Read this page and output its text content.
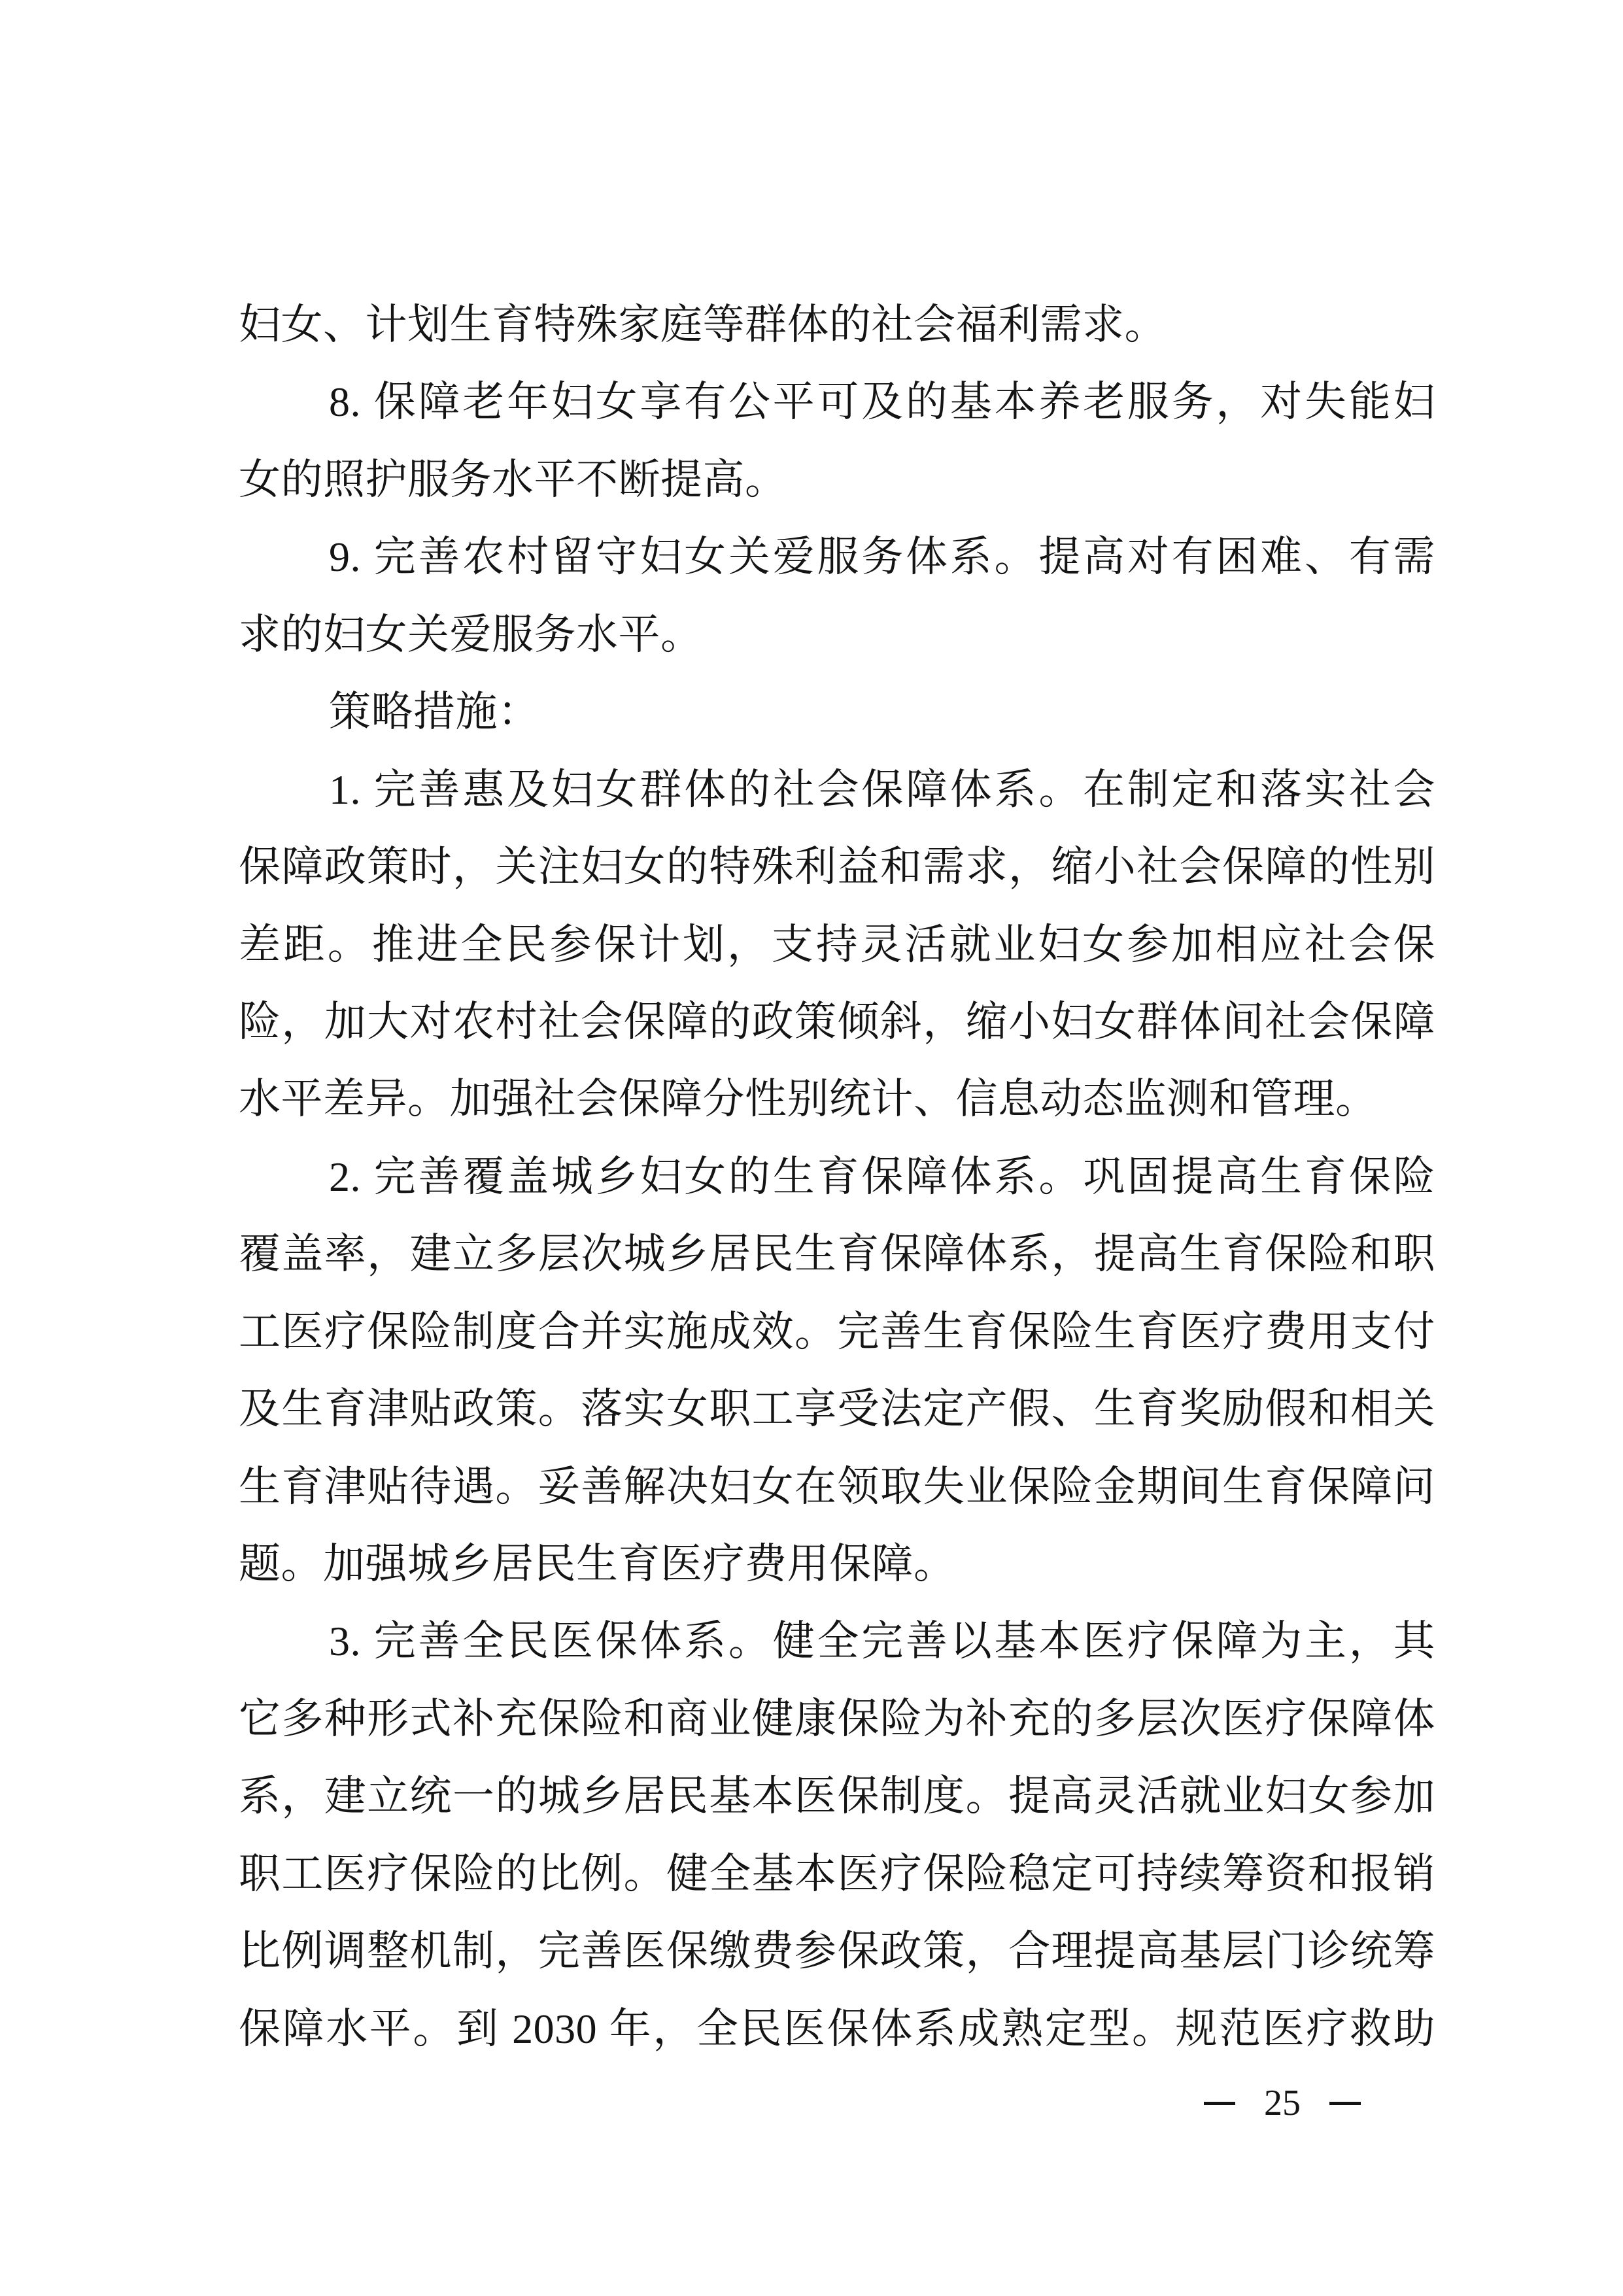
妇女、计划生育特殊家庭等群体的社会福利需求。
8. 保障老年妇女享有公平可及的基本养老服务，对失能妇
女的照护服务水平不断提高。
9. 完善农村留守妇女关爱服务体系。提高对有困难、有需
求的妇女关爱服务水平。
策略措施：
1. 完善惠及妇女群体的社会保障体系。在制定和落实社会
保障政策时，关注妇女的特殊利益和需求，缩小社会保障的性别
差距。推进全民参保计划，支持灵活就业妇女参加相应社会保
险，加大对农村社会保障的政策倾斜，缩小妇女群体间社会保障
水平差异。加强社会保障分性别统计、信息动态监测和管理。
2. 完善覆盖城乡妇女的生育保障体系。巩固提高生育保险
覆盖率，建立多层次城乡居民生育保障体系，提高生育保险和职
工医疗保险制度合并实施成效。完善生育保险生育医疗费用支付
及生育津贴政策。落实女职工享受法定产假、生育奖励假和相关
生育津贴待遇。妥善解决妇女在领取失业保险金期间生育保障问
题。加强城乡居民生育医疗费用保障。
3. 完善全民医保体系。健全完善以基本医疗保障为主，其
它多种形式补充保险和商业健康保险为补充的多层次医疗保障体
系，建立统一的城乡居民基本医保制度。提高灵活就业妇女参加
职工医疗保险的比例。健全基本医疗保险稳定可持续筹资和报销
比例调整机制，完善医保缴费参保政策，合理提高基层门诊统筹
保障水平。到 2030 年，全民医保体系成熟定型。规范医疗救助
25
